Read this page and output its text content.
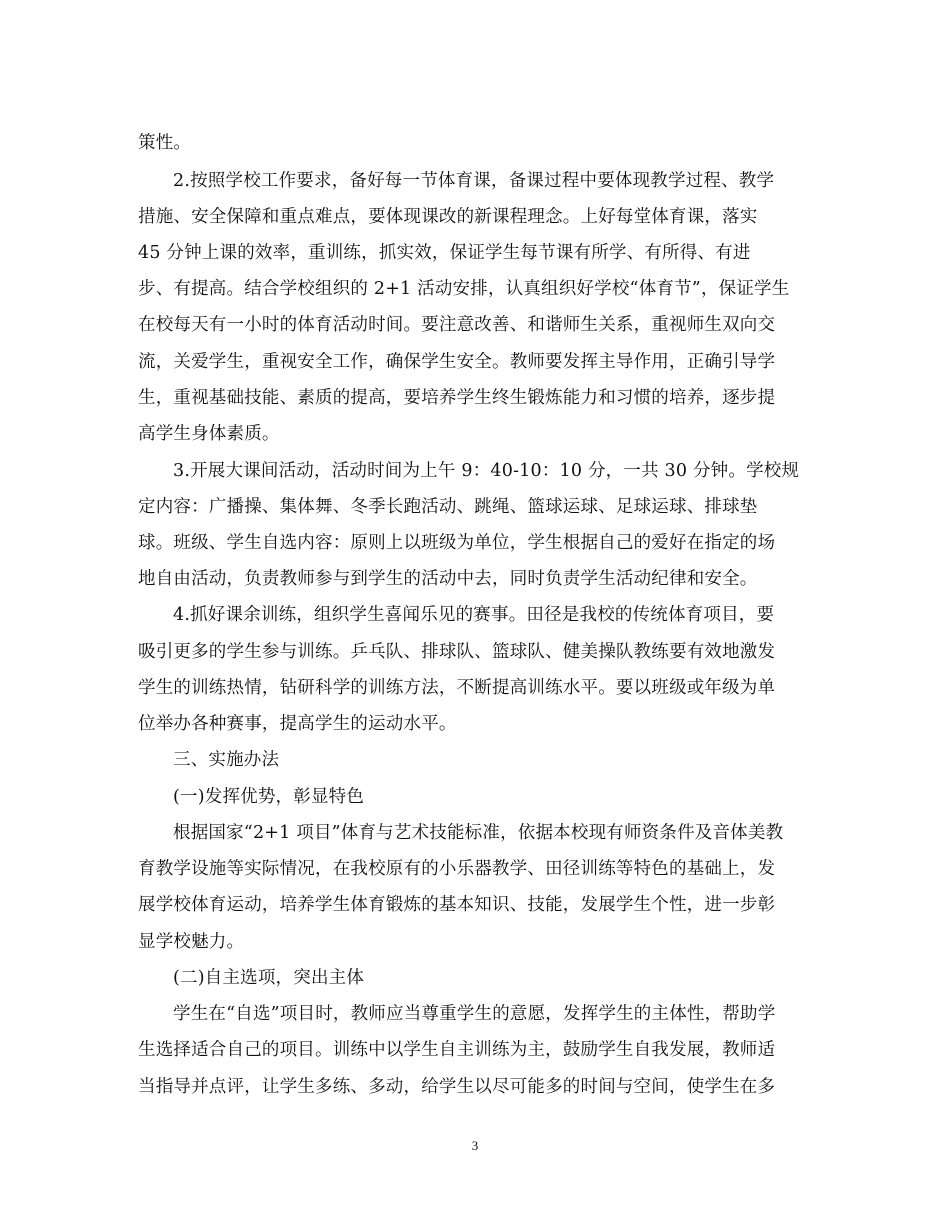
策性。
2.按照学校工作要求，备好每一节体育课，备课过程中要体现教学过程、教学
措施、安全保障和重点难点，要体现课改的新课程理念。上好每堂体育课，落实
45 分钟上课的效率，重训练，抓实效，保证学生每节课有所学、有所得、有进
步、有提高。结合学校组织的 2+1 活动安排，认真组织好学校“体育节”，保证学生
在校每天有一小时的体育活动时间。要注意改善、和谐师生关系，重视师生双向交
流，关爱学生，重视安全工作，确保学生安全。教师要发挥主导作用，正确引导学
生，重视基础技能、素质的提高，要培养学生终生锻炼能力和习惯的培养，逐步提
高学生身体素质。
3.开展大课间活动，活动时间为上午 9：40-10：10 分，一共 30 分钟。学校规
定内容：广播操、集体舞、冬季长跑活动、跳绳、篮球运球、足球运球、排球垫
球。班级、学生自选内容：原则上以班级为单位，学生根据自己的爱好在指定的场
地自由活动，负责教师参与到学生的活动中去，同时负责学生活动纪律和安全。
4.抓好课余训练，组织学生喜闻乐见的赛事。田径是我校的传统体育项目，要
吸引更多的学生参与训练。乒乓队、排球队、篮球队、健美操队教练要有效地激发
学生的训练热情，钻研科学的训练方法，不断提高训练水平。要以班级或年级为单
位举办各种赛事，提高学生的运动水平。
三、实施办法
(一)发挥优势，彰显特色
根据国家“2+1 项目”体育与艺术技能标准，依据本校现有师资条件及音体美教
育教学设施等实际情况，在我校原有的小乐器教学、田径训练等特色的基础上，发
展学校体育运动，培养学生体育锻炼的基本知识、技能，发展学生个性，进一步彰
显学校魅力。
(二)自主选项，突出主体
学生在“自选”项目时，教师应当尊重学生的意愿，发挥学生的主体性，帮助学
生选择适合自己的项目。训练中以学生自主训练为主，鼓励学生自我发展，教师适
当指导并点评，让学生多练、多动，给学生以尽可能多的时间与空间，使学生在多
3
